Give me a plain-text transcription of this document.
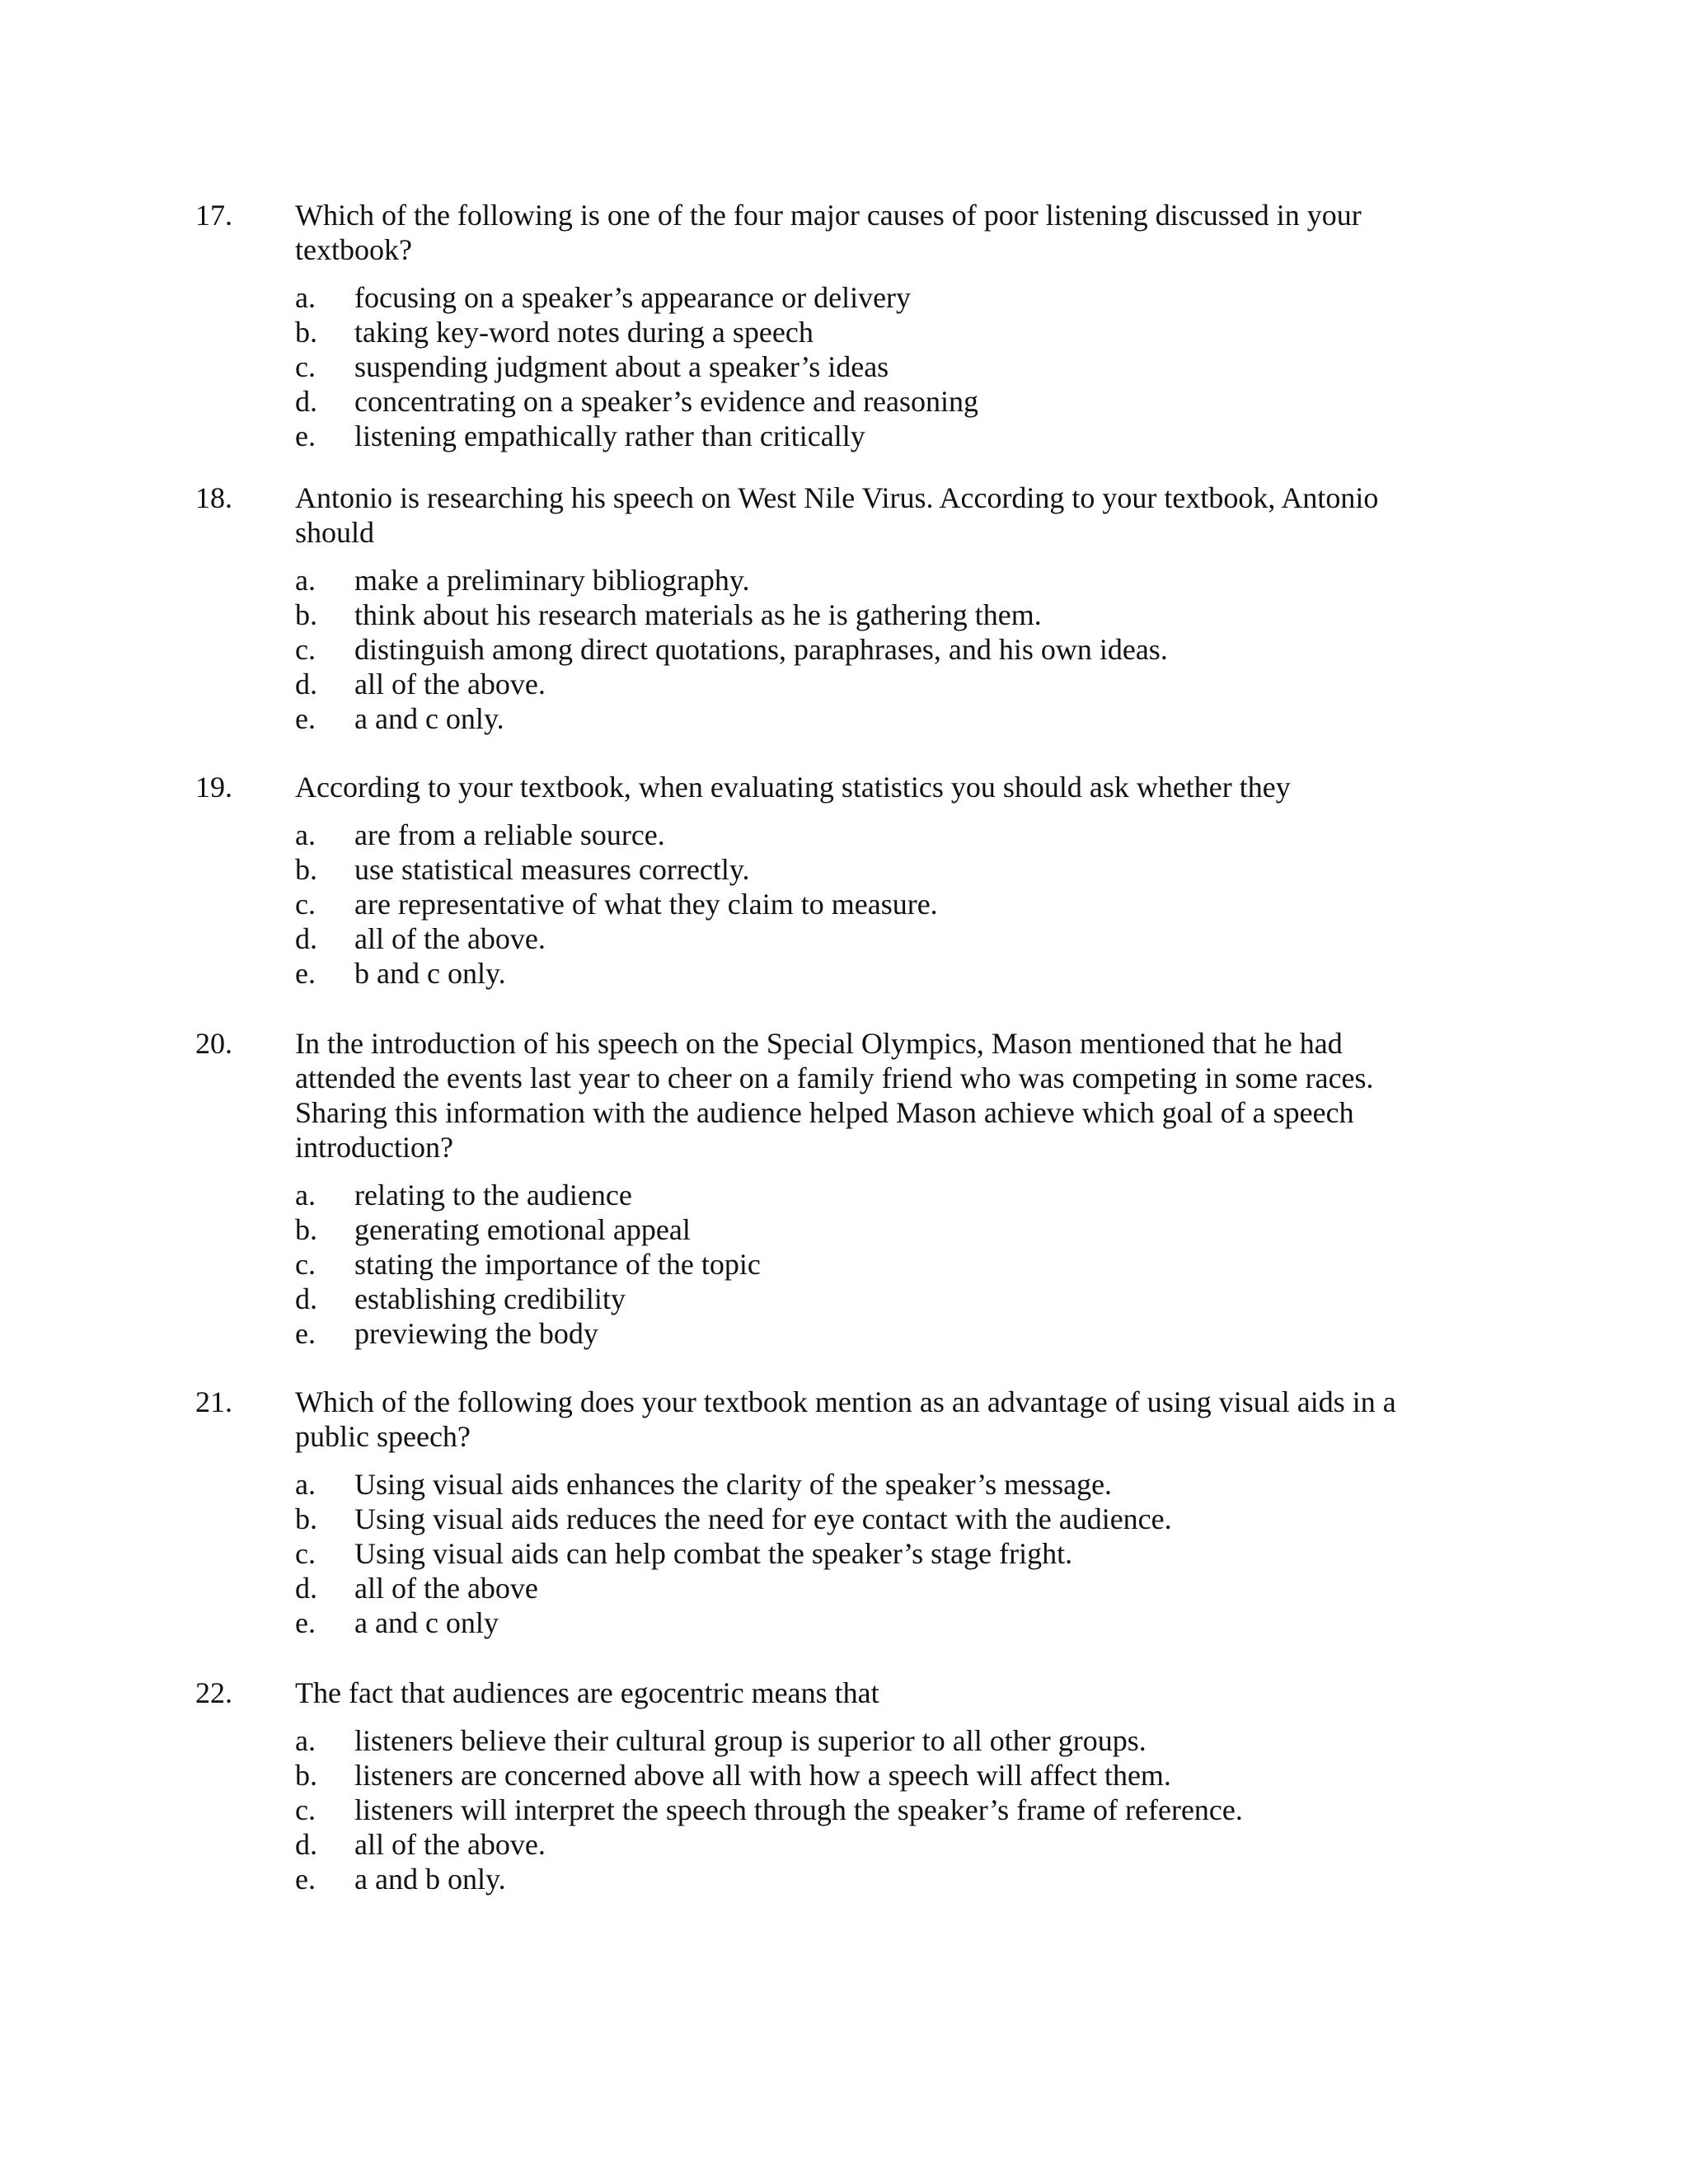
17. Which of the following is one of the four major causes of poor listening discussed in your textbook?
a. focusing on a speaker’s appearance or delivery
b. taking key-word notes during a speech
c. suspending judgment about a speaker’s ideas
d. concentrating on a speaker’s evidence and reasoning
e. listening empathically rather than critically
18. Antonio is researching his speech on West Nile Virus. According to your textbook, Antonio should
a. make a preliminary bibliography.
b. think about his research materials as he is gathering them.
c. distinguish among direct quotations, paraphrases, and his own ideas.
d. all of the above.
e. a and c only.
19. According to your textbook, when evaluating statistics you should ask whether they
a. are from a reliable source.
b. use statistical measures correctly.
c. are representative of what they claim to measure.
d. all of the above.
e. b and c only.
20. In the introduction of his speech on the Special Olympics, Mason mentioned that he had attended the events last year to cheer on a family friend who was competing in some races. Sharing this information with the audience helped Mason achieve which goal of a speech introduction?
a. relating to the audience
b. generating emotional appeal
c. stating the importance of the topic
d. establishing credibility
e. previewing the body
21. Which of the following does your textbook mention as an advantage of using visual aids in a public speech?
a. Using visual aids enhances the clarity of the speaker’s message.
b. Using visual aids reduces the need for eye contact with the audience.
c. Using visual aids can help combat the speaker’s stage fright.
d. all of the above
e. a and c only
22. The fact that audiences are egocentric means that
a. listeners believe their cultural group is superior to all other groups.
b. listeners are concerned above all with how a speech will affect them.
c. listeners will interpret the speech through the speaker’s frame of reference.
d. all of the above.
e. a and b only.
